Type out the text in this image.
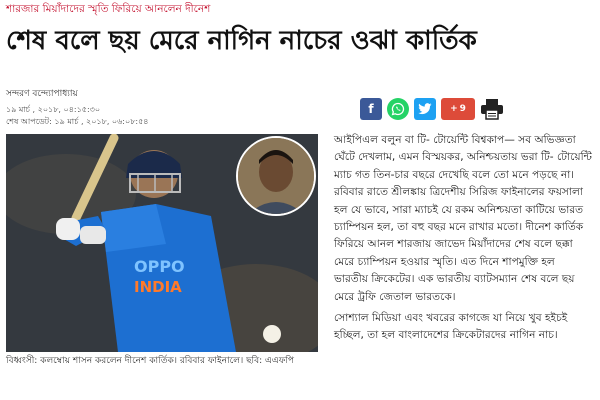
শারজার মিয়াঁদাদের স্মৃতি ফিরিয়ে আনলেন দীনেশ
শেষ বলে ছয় মেরে নাগিন নাচের ওঝা কার্তিক
সন্দরণ বন্দ্যোপাধ্যায়
১৯ মার্চ , ২০১৮, ০৪:১৫:৩০
শেষ আপডেট: ১৯ মার্চ , ২০১৮, ০৬:০৮:৫৪
f	+ 9
OPPO
INDIA
বিধ্বংসী: কলম্বোয় শাসন করলেন দীনেশ কার্তিক। রবিবার ফাইনালে। ছবি: এএফপি

আইপিএল বলুন বা টি- টোয়েন্টি বিশ্বকাপ— সব অভিজ্ঞতা ঘেঁটে দেখলাম, এমন বিস্ময়কর, অনিশ্চয়তায় ভরা টি- টোয়েন্টি ম্যাচ গত তিন-চার বছরে দেখেছি বলে তো মনে পড়ছে না। রবিবার রাতে শ্রীলঙ্কায় ত্রিদেশীয় সিরিজ ফাইনালের ফয়সালা হল যে ভাবে, সারা ম্যাচই যে রকম অনিশ্চয়তা কাটিয়ে ভারত চ্যাম্পিয়ন হল, তা বহু বছর মনে রাখার মতো। দীনেশ কার্তিক ফিরিয়ে আনল শারজায় জাভেদ মিয়াঁদাদের শেষ বলে ছক্কা মেরে চ্যাম্পিয়ন হওয়ার স্মৃতি। এত দিনে শাপমুক্তি হল ভারতীয় ক্রিকেটের। এক ভারতীয় ব্যাটসম্যান শেষ বলে ছয় মেরে ট্রফি জেতাল ভারতকে।

সোশ্যাল মিডিয়া এবং খবরের কাগজে যা নিয়ে খুব হইচই হচ্ছিল, তা হল বাংলাদেশের ক্রিকেটারদের নাগিন নাচ।
